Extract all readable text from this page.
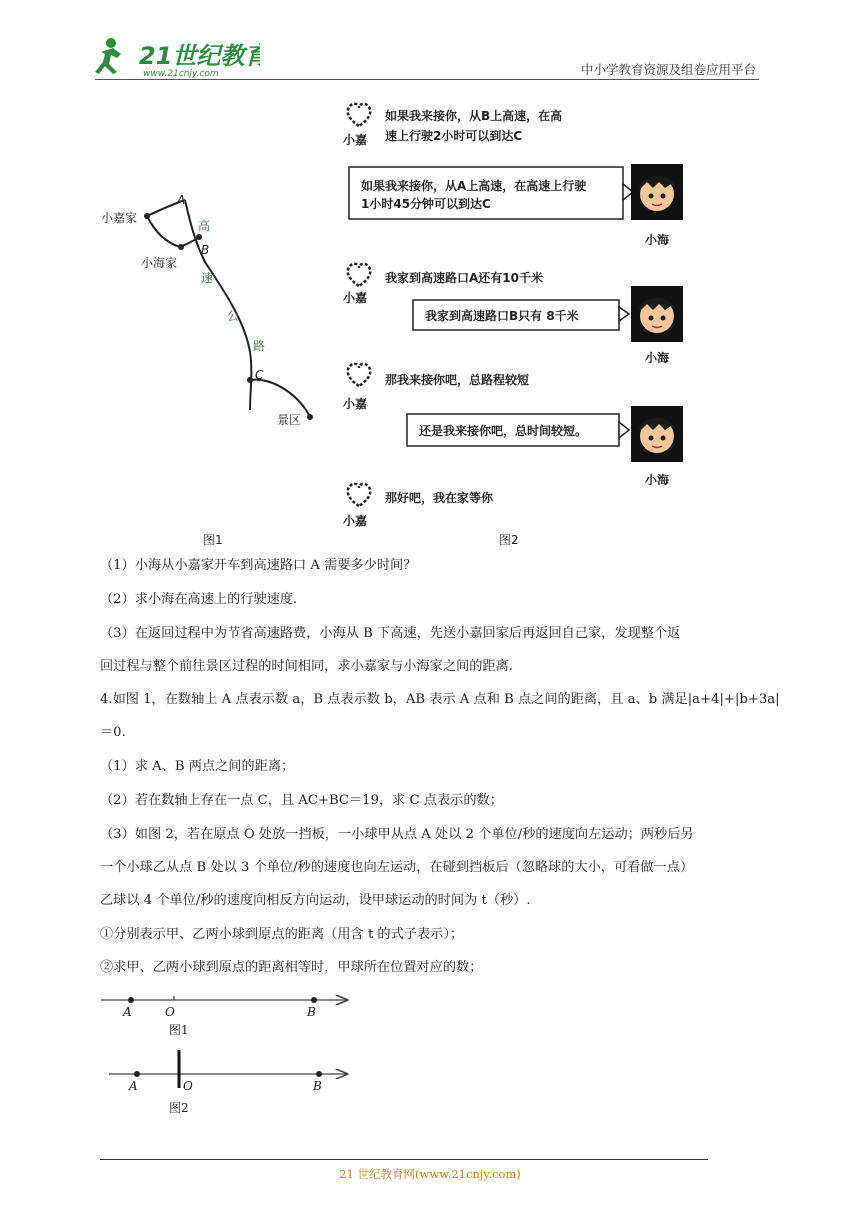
21世纪教育
www.21cnjy.com	中小学教育资源及组卷应用平台
小嘉家
小海家
A
B
C
景区
高
速
公
路
图1
小嘉
如果我来接你，从B上高速，在高
速上行驶2小时可以到达C
如果我来接你，从A上高速，在高速上行驶
1小时45分钟可以到达C
小海
小嘉
我家到高速路口A还有10千米
我家到高速路口B只有 8千米
小海
小嘉
那我来接你吧，总路程较短
还是我来接你吧，总时间较短。
小海
小嘉
那好吧，我在家等你
图2
（1）小海从小嘉家开车到高速路口 A 需要多少时间？
（2）求小海在高速上的行驶速度.
（3）在返回过程中为节省高速路费，小海从 B 下高速，先送小嘉回家后再返回自己家，发现整个返
回过程与整个前往景区过程的时间相同，求小嘉家与小海家之间的距离.
4.如图 1，在数轴上 A 点表示数 a，B 点表示数 b，AB 表示 A 点和 B 点之间的距离，且 a、b 满足|a+4|+|b+3a|
＝0.
（1）求 A、B 两点之间的距离；
（2）若在数轴上存在一点 C，且 AC+BC＝19，求 C 点表示的数；
（3）如图 2，若在原点 O 处放一挡板，一小球甲从点 A 处以 2 个单位/秒的速度向左运动；两秒后另
一个小球乙从点 B 处以 3 个单位/秒的速度也向左运动，在碰到挡板后（忽略球的大小，可看做一点）
乙球以 4 个单位/秒的速度向相反方向运动，设甲球运动的时间为 t（秒）.
①分别表示甲、乙两小球到原点的距离（用含 t 的式子表示）；
②求甲、乙两小球到原点的距离相等时，甲球所在位置对应的数；
A	O	B
图1
A	O	B
图2
21 世纪教育网(www.21cnjy.com)
